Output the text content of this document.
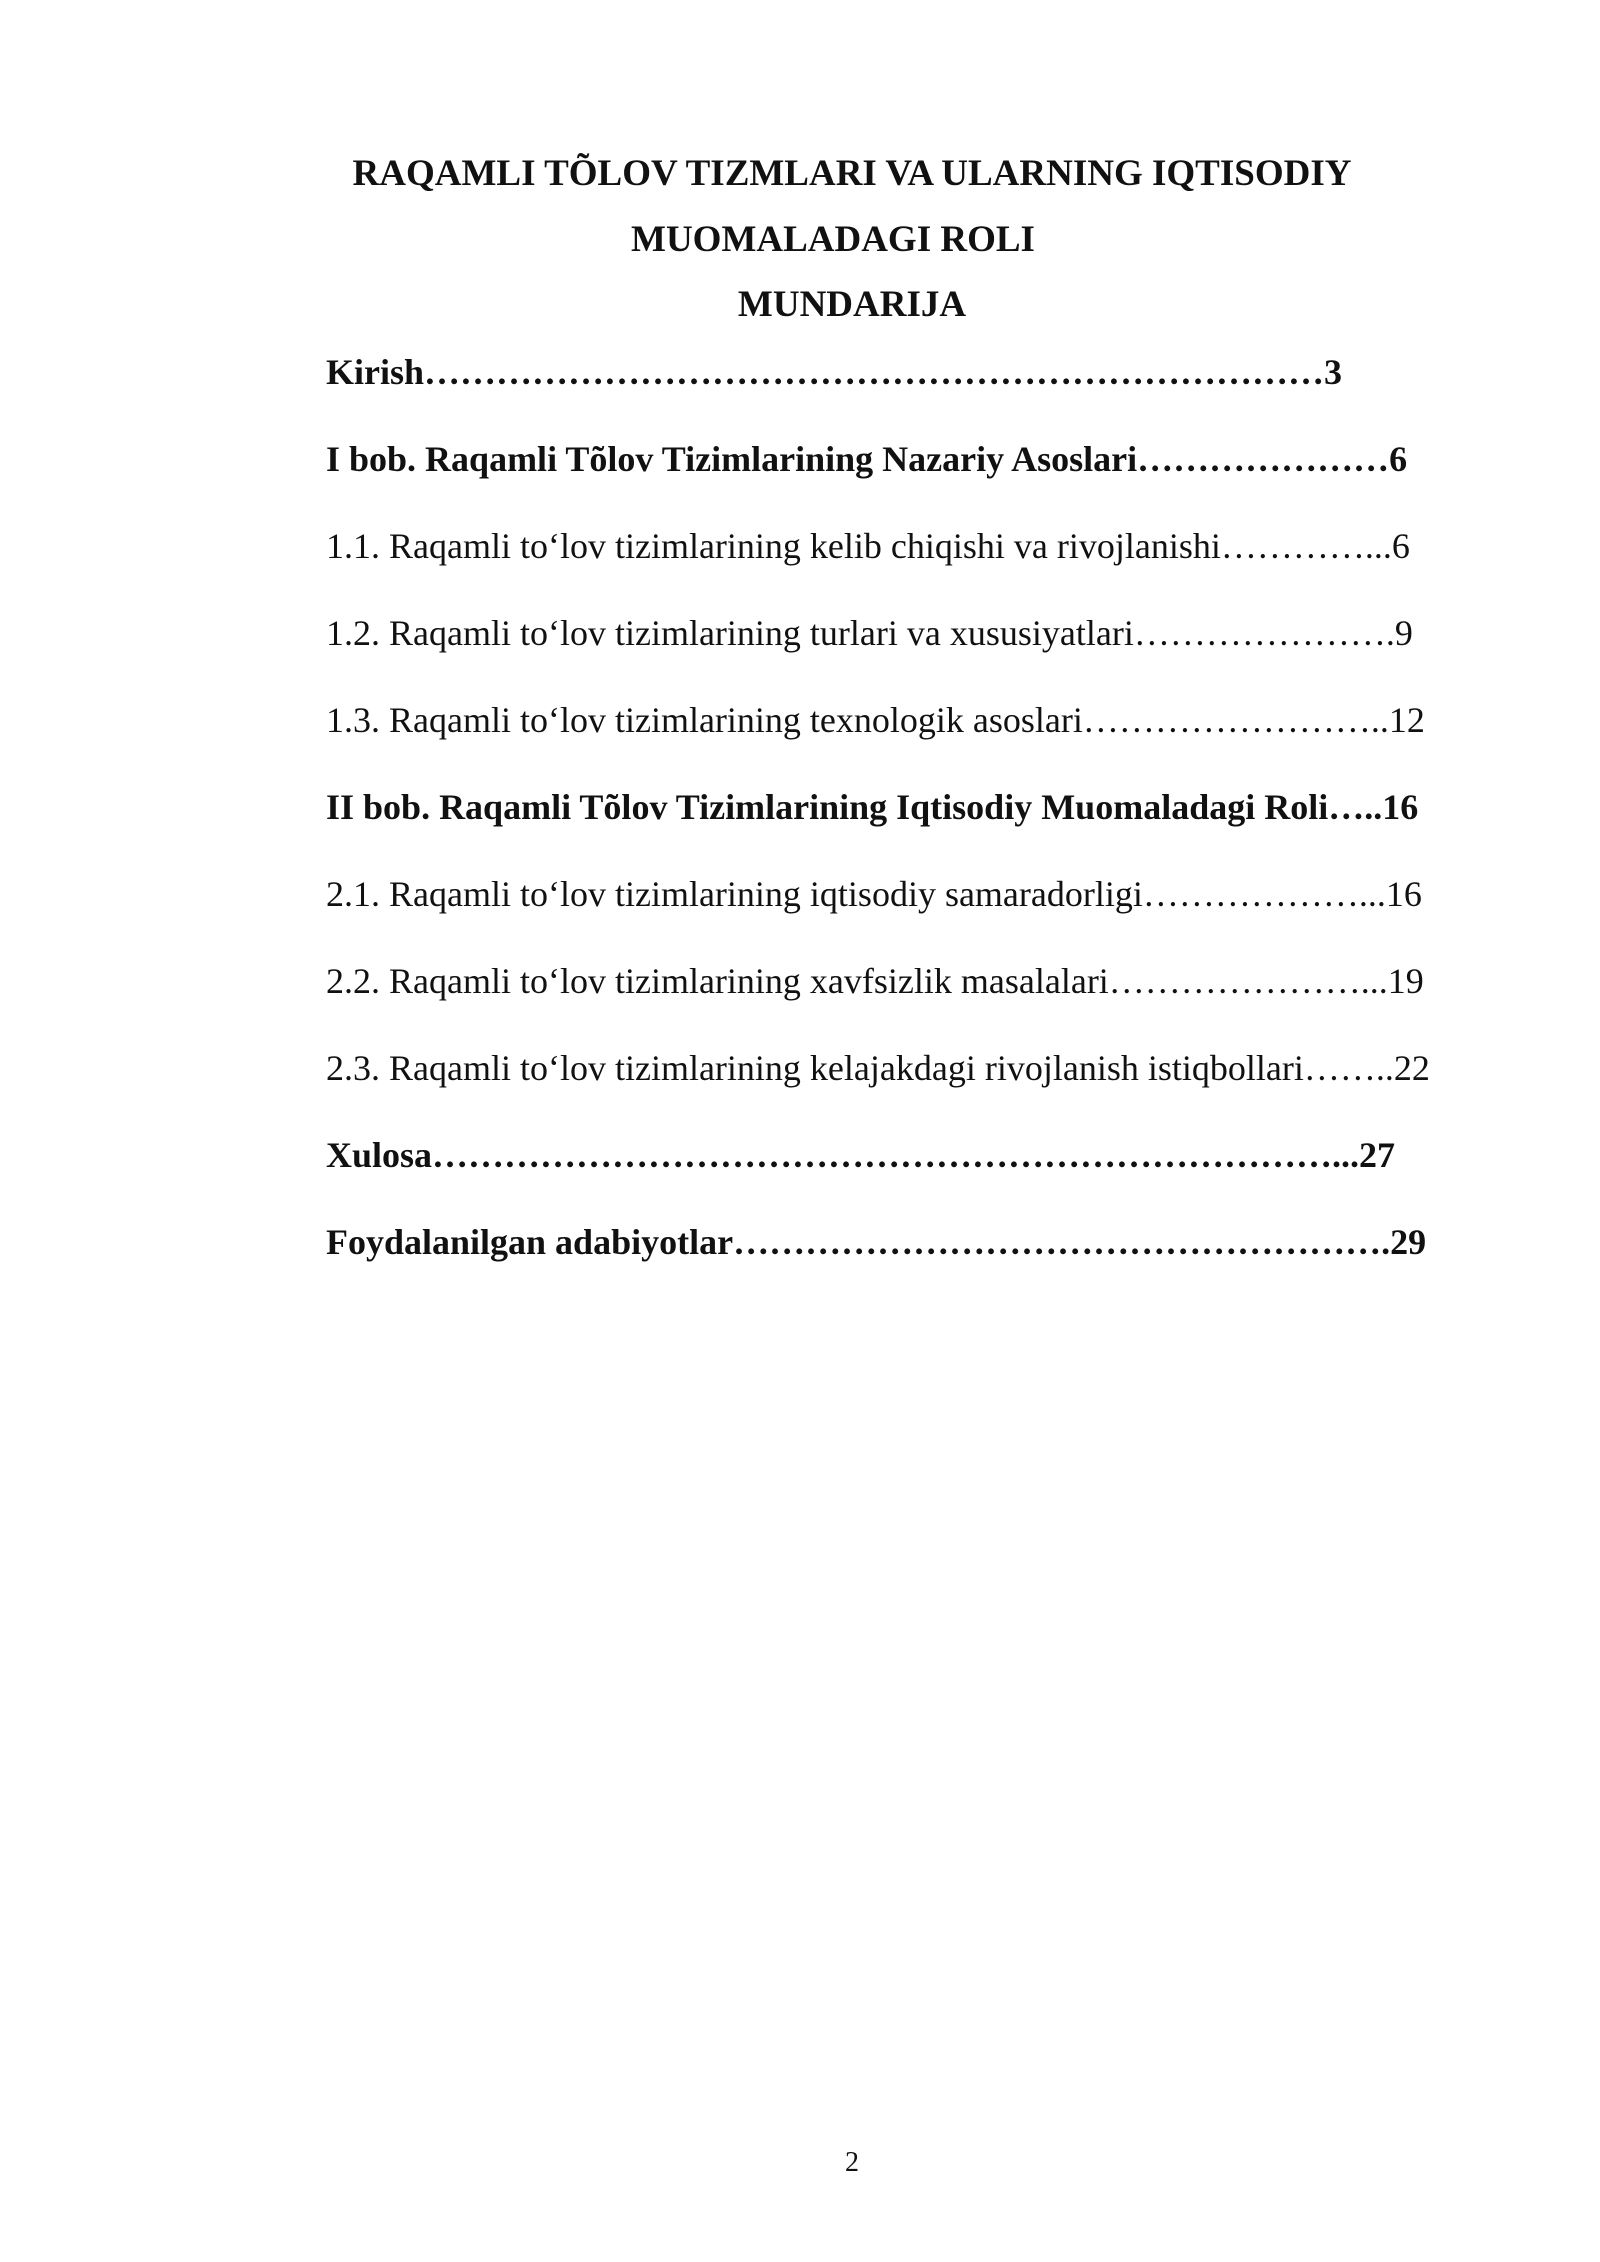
RAQAMLI TÕLOV TIZMLARI VA ULARNING IQTISODIY
MUOMALADAGI ROLI
MUNDARIJA
Kirish…………………………………………………………………3
I bob. Raqamli Tõlov Tizimlarining Nazariy Asoslari…………………6
1.1. Raqamli to‘lov tizimlarining kelib chiqishi va rivojlanishi…………...6
1.2. Raqamli to‘lov tizimlarining turlari va xususiyatlari………………….9
1.3. Raqamli to‘lov tizimlarining texnologik asoslari……………………..12
II bob. Raqamli Tõlov Tizimlarining Iqtisodiy Muomaladagi Roli…..16
2.1. Raqamli to‘lov tizimlarining iqtisodiy samaradorligi………………...16
2.2. Raqamli to‘lov tizimlarining xavfsizlik masalalari…………………...19
2.3. Raqamli to‘lov tizimlarining kelajakdagi rivojlanish istiqbollari……..22
Xulosa…………………………………………………………………...27
Foydalanilgan adabiyotlar……………………………………………….29
2
